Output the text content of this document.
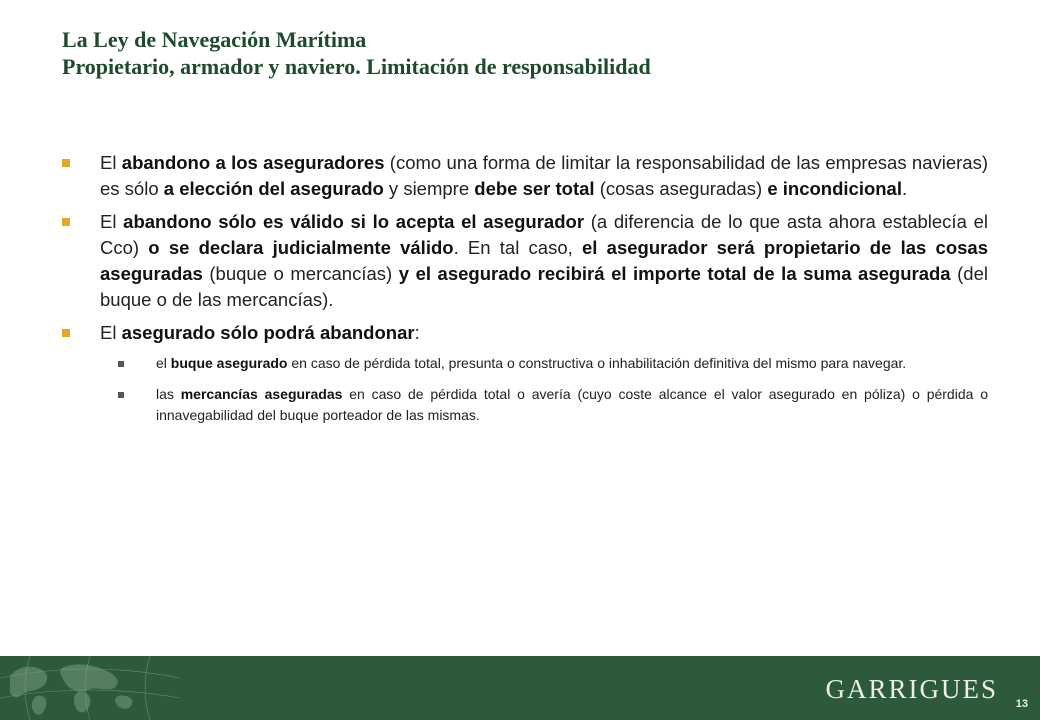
La Ley de Navegación Marítima
Propietario, armador y naviero. Limitación de responsabilidad
El abandono a los aseguradores (como una forma de limitar la responsabilidad de las empresas navieras) es sólo a elección del asegurado y siempre debe ser total (cosas aseguradas) e incondicional.
El abandono sólo es válido si lo acepta el asegurador (a diferencia de lo que asta ahora establecía el Cco) o se declara judicialmente válido. En tal caso, el asegurador será propietario de las cosas aseguradas (buque o mercancías) y el asegurado recibirá el importe total de la suma asegurada (del buque o de las mercancías).
El asegurado sólo podrá abandonar:
el buque asegurado en caso de pérdida total, presunta o constructiva o inhabilitación definitiva del mismo para navegar.
las mercancías aseguradas en caso de pérdida total o avería (cuyo coste alcance el valor asegurado en póliza) o pérdida o innavegabilidad del buque porteador de las mismas.
GARRIGUES 13
